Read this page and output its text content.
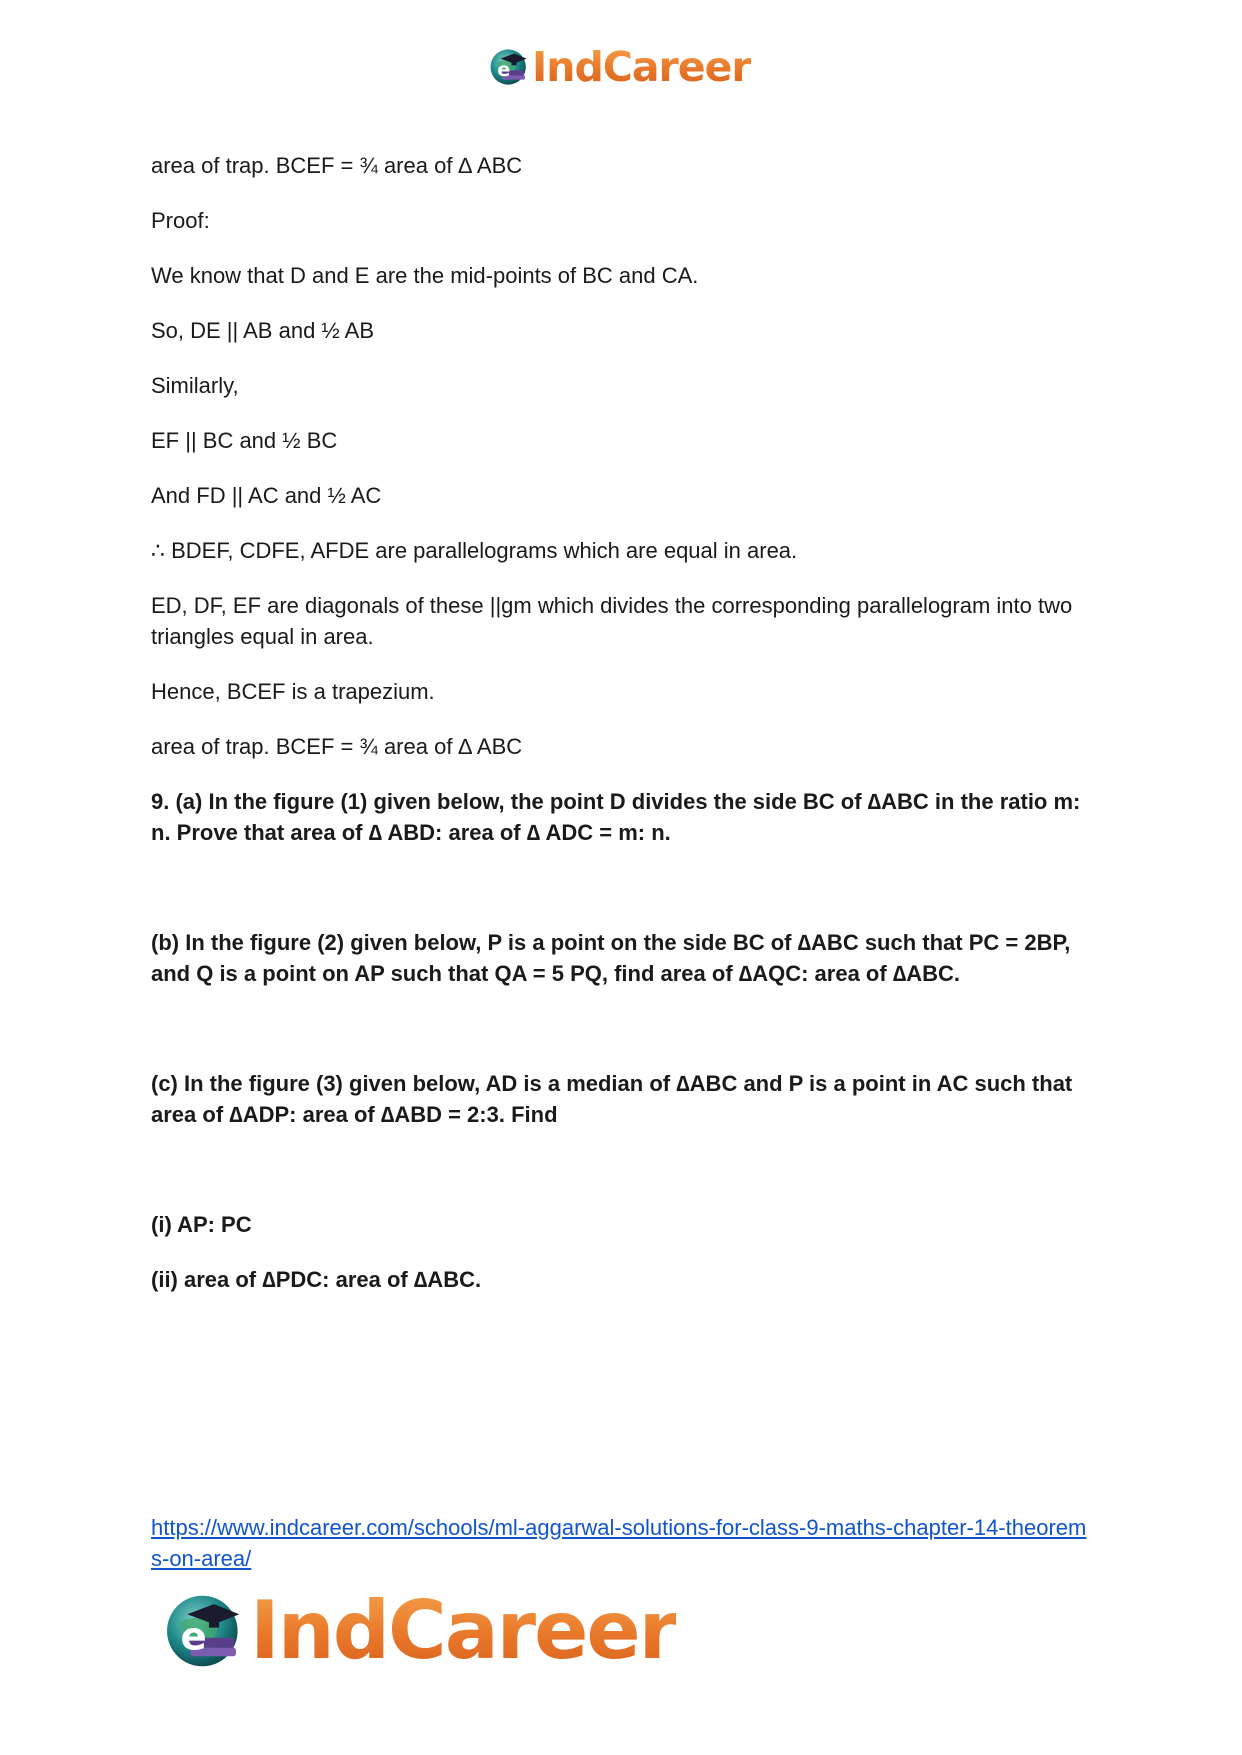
e IndCareer

area of trap. BCEF = ¾ area of ∆ ABC

Proof:

We know that D and E are the mid-points of BC and CA.

So, DE || AB and ½ AB

Similarly,

EF || BC and ½ BC

And FD || AC and ½ AC

∴ BDEF, CDFE, AFDE are parallelograms which are equal in area.

ED, DF, EF are diagonals of these ||gm which divides the corresponding parallelogram into two triangles equal in area.

Hence, BCEF is a trapezium.

area of trap. BCEF = ¾ area of ∆ ABC

9. (a) In the figure (1) given below, the point D divides the side BC of ∆ABC in the ratio m: n. Prove that area of ∆ ABD: area of ∆ ADC = m: n.

(b) In the figure (2) given below, P is a point on the side BC of ∆ABC such that PC = 2BP, and Q is a point on AP such that QA = 5 PQ, find area of ∆AQC: area of ∆ABC.

(c) In the figure (3) given below, AD is a median of ∆ABC and P is a point in AC such that area of ∆ADP: area of ∆ABD = 2:3. Find

(i) AP: PC

(ii) area of ∆PDC: area of ∆ABC.

https://www.indcareer.com/schools/ml-aggarwal-solutions-for-class-9-maths-chapter-14-theorems-on-area/
e IndCareer
